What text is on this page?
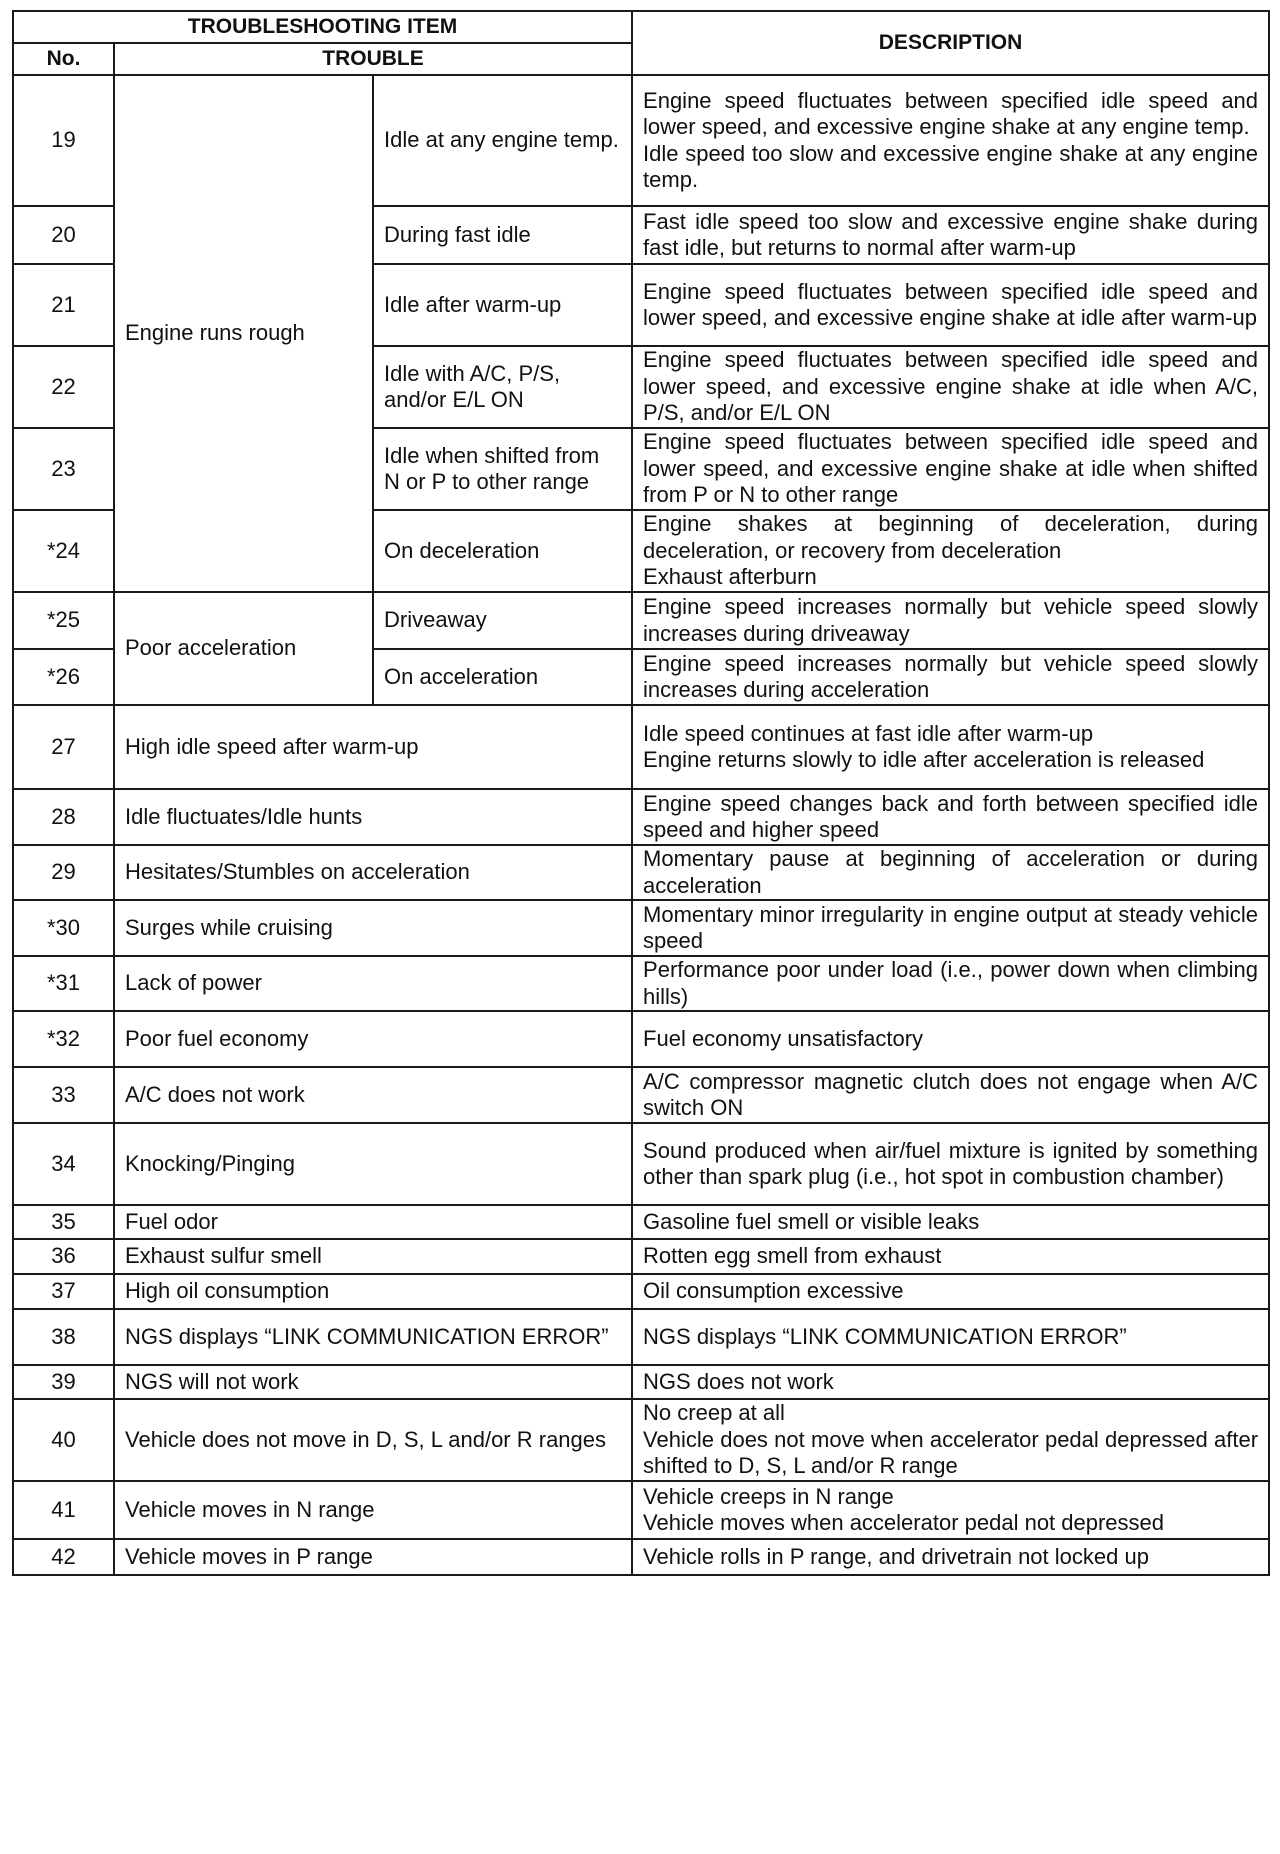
TROUBLESHOOTING ITEM			DESCRIPTION
No.	TROUBLE		
19	Engine runs rough	Idle at any engine temp.	Engine speed fluctuates between specified idle speed and lower speed, and excessive engine shake at any engine temp.
Idle speed too slow and excessive engine shake at any engine temp.

20		During fast idle	Fast idle speed too slow and excessive engine shake during fast idle, but returns to normal after warm-up

21		Idle after warm-up	Engine speed fluctuates between specified idle speed and lower speed, and excessive engine shake at idle after warm-up

22		Idle with A/C, P/S, and/or E/L ON	Engine speed fluctuates between specified idle speed and lower speed, and excessive engine shake at idle when A/C, P/S, and/or E/L ON

23		Idle when shifted from N or P to other range	Engine speed fluctuates between specified idle speed and lower speed, and excessive engine shake at idle when shifted from P or N to other range

*24		On deceleration	Engine shakes at beginning of deceleration, during deceleration, or recovery from deceleration
Exhaust afterburn

*25	Poor acceleration	Driveaway	Engine speed increases normally but vehicle speed slowly increases during driveaway

*26		On acceleration	Engine speed increases normally but vehicle speed slowly increases during acceleration

27	High idle speed after warm-up		Idle speed continues at fast idle after warm-up
Engine returns slowly to idle after acceleration is released

28	Idle fluctuates/Idle hunts		Engine speed changes back and forth between specified idle speed and higher speed

29	Hesitates/Stumbles on acceleration		Momentary pause at beginning of acceleration or during acceleration

*30	Surges while cruising		Momentary minor irregularity in engine output at steady vehicle speed

*31	Lack of power		Performance poor under load (i.e., power down when climbing hills)

*32	Poor fuel economy		Fuel economy unsatisfactory

33	A/C does not work		A/C compressor magnetic clutch does not engage when A/C switch ON

34	Knocking/Pinging		Sound produced when air/fuel mixture is ignited by something other than spark plug (i.e., hot spot in combustion chamber)

35	Fuel odor		Gasoline fuel smell or visible leaks

36	Exhaust sulfur smell		Rotten egg smell from exhaust

37	High oil consumption		Oil consumption excessive

38	NGS displays “LINK COMMUNICATION ERROR”		NGS displays “LINK COMMUNICATION ERROR”

39	NGS will not work		NGS does not work

40	Vehicle does not move in D, S, L and/or R ranges		No creep at all
Vehicle does not move when accelerator pedal depressed after shifted to D, S, L and/or R range

41	Vehicle moves in N range		Vehicle creeps in N range
Vehicle moves when accelerator pedal not depressed

42	Vehicle moves in P range		Vehicle rolls in P range, and drivetrain not locked up
